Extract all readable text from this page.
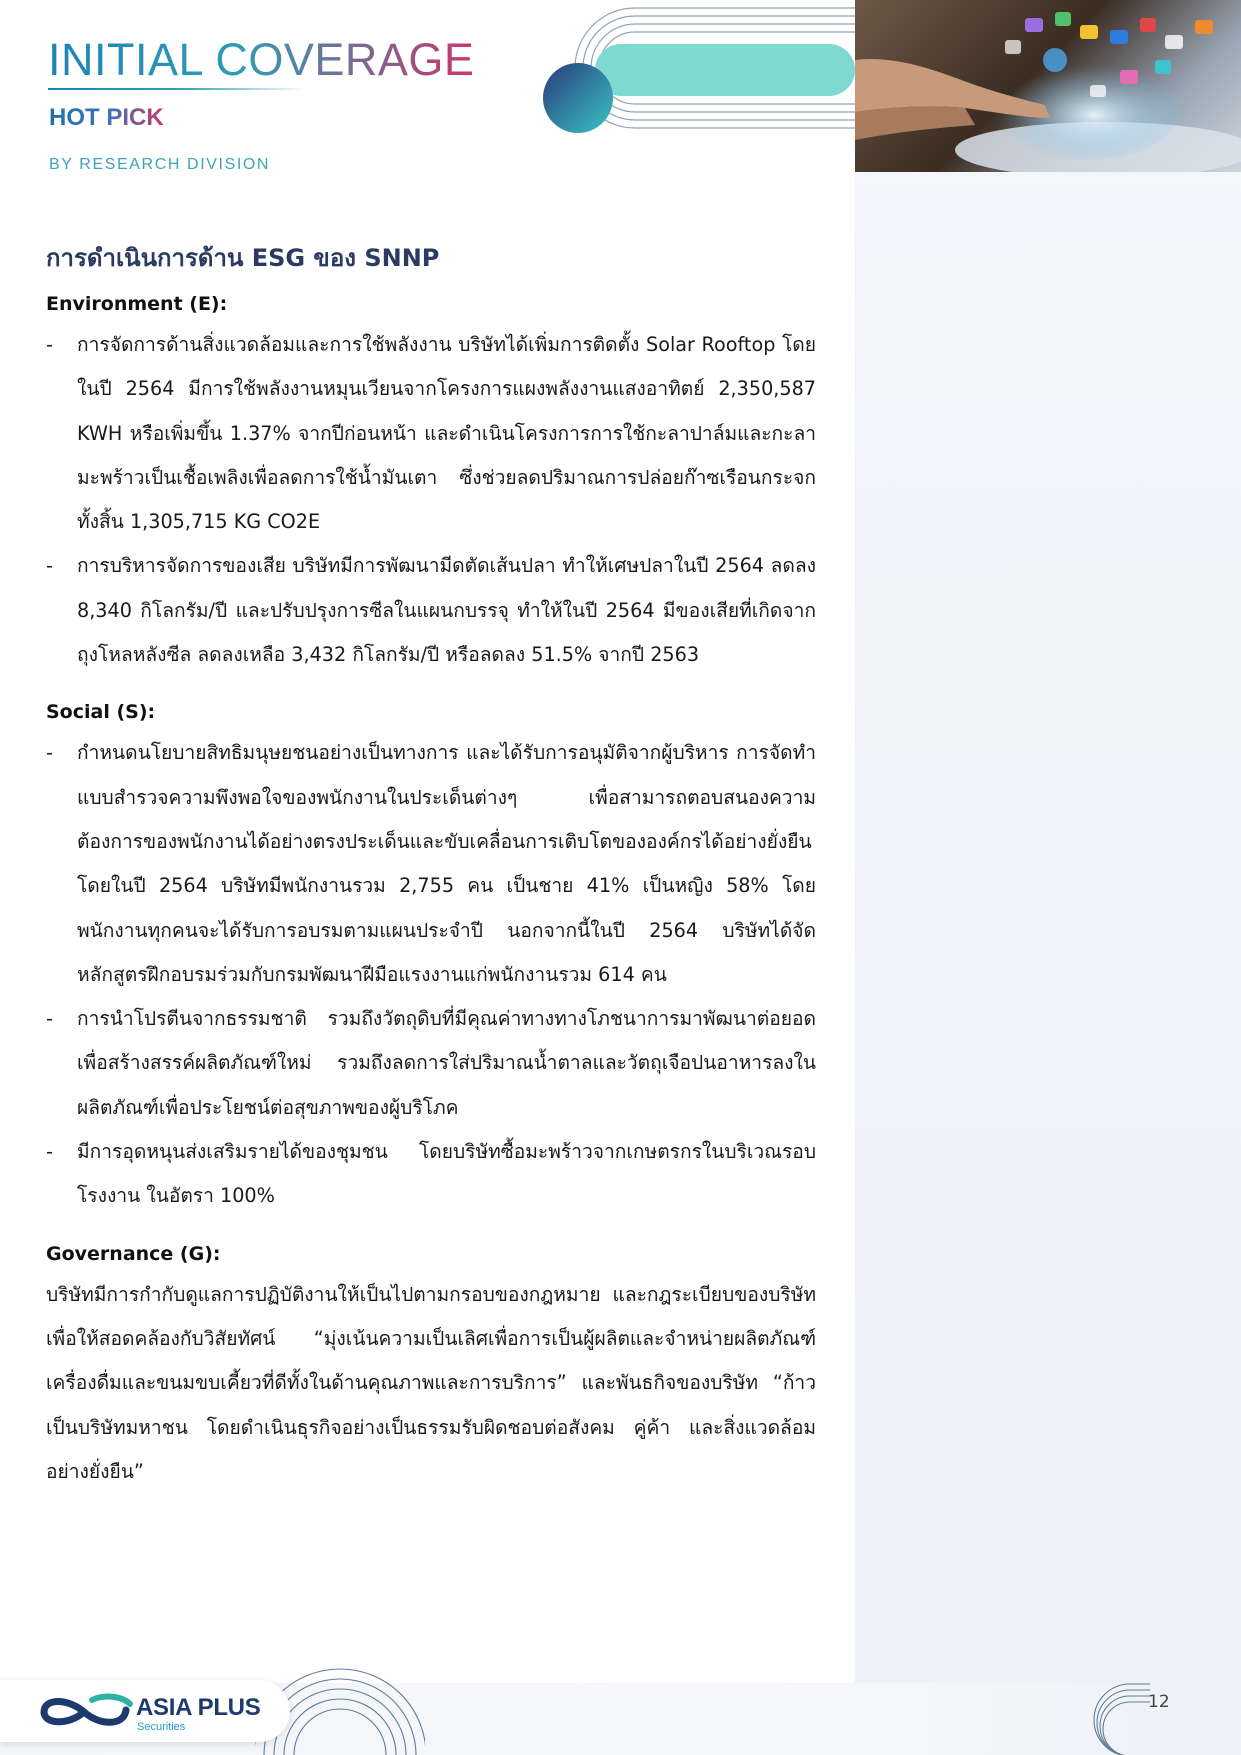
INITIAL COVERAGE

HOT PICK

BY RESEARCH DIVISION

การดำเนินการด้าน ESG ของ SNNP
Environment (E):
- การจัดการด้านสิ่งแวดล้อมและการใช้พลังงาน บริษัทได้เพิ่มการติดตั้ง Solar Rooftop โดยในปี 2564 มีการใช้พลังงานหมุนเวียนจากโครงการแผงพลังงานแสงอาทิตย์ 2,350,587 KWH หรือเพิ่มขึ้น 1.37% จากปีก่อนหน้า และดำเนินโครงการการใช้กะลาปาล์มและกะลามะพร้าวเป็นเชื้อเพลิงเพื่อลดการใช้น้ำมันเตา ซึ่งช่วยลดปริมาณการปล่อยก๊าซเรือนกระจกทั้งสิ้น 1,305,715 KG CO2E
- การบริหารจัดการของเสีย บริษัทมีการพัฒนามีดตัดเส้นปลา ทำให้เศษปลาในปี 2564 ลดลง 8,340 กิโลกรัม/ปี และปรับปรุงการซีลในแผนกบรรจุ ทำให้ในปี 2564 มีของเสียที่เกิดจากถุงโหลหลังซีล ลดลงเหลือ 3,432 กิโลกรัม/ปี หรือลดลง 51.5% จากปี 2563
Social (S):
- กำหนดนโยบายสิทธิมนุษยชนอย่างเป็นทางการ และได้รับการอนุมัติจากผู้บริหาร การจัดทำแบบสำรวจความพึงพอใจของพนักงานในประเด็นต่างๆ เพื่อสามารถตอบสนองความต้องการของพนักงานได้อย่างตรงประเด็นและขับเคลื่อนการเติบโตขององค์กรได้อย่างยั่งยืน โดยในปี 2564 บริษัทมีพนักงานรวม 2,755 คน เป็นชาย 41% เป็นหญิง 58% โดยพนักงานทุกคนจะได้รับการอบรมตามแผนประจำปี นอกจากนี้ในปี 2564 บริษัทได้จัดหลักสูตรฝึกอบรมร่วมกับกรมพัฒนาฝีมือแรงงานแก่พนักงานรวม 614 คน
- การนำโปรตีนจากธรรมชาติ รวมถึงวัตถุดิบที่มีคุณค่าทางทางโภชนาการมาพัฒนาต่อยอดเพื่อสร้างสรรค์ผลิตภัณฑ์ใหม่ รวมถึงลดการใส่ปริมาณน้ำตาลและวัตถุเจือปนอาหารลงในผลิตภัณฑ์เพื่อประโยชน์ต่อสุขภาพของผู้บริโภค
- มีการอุดหนุนส่งเสริมรายได้ของชุมชน โดยบริษัทซื้อมะพร้าวจากเกษตรกรในบริเวณรอบโรงงาน ในอัตรา 100%
Governance (G):

บริษัทมีการกำกับดูแลการปฏิบัติงานให้เป็นไปตามกรอบของกฎหมาย และกฎระเบียบของบริษัท เพื่อให้สอดคล้องกับวิสัยทัศน์ “มุ่งเน้นความเป็นเลิศเพื่อการเป็นผู้ผลิตและจำหน่ายผลิตภัณฑ์เครื่องดื่มและขนมขบเคี้ยวที่ดีทั้งในด้านคุณภาพและการบริการ” และพันธกิจของบริษัท “ก้าวเป็นบริษัทมหาชน โดยดำเนินธุรกิจอย่างเป็นธรรมรับผิดชอบต่อสังคม คู่ค้า และสิ่งแวดล้อม อย่างยั่งยืน”

ASIA PLUS

Securities

12
